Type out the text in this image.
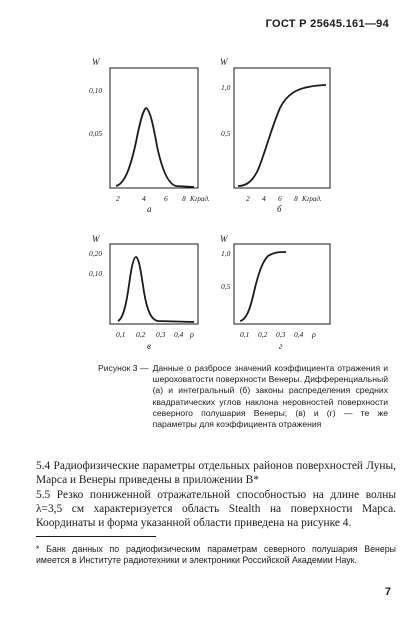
ГОСТ Р 25645.161—94
W
0,10
0,05
2	4 6 8 Кград.
а
W
1,0
0,5
2 4 6 8 Кград.
б
W
0,20
0,10
0,1 0,2 0,3 0,4 ρ
в
W
1,0
0,5
0,1 0,2 0,3 0,4 ρ
г
Рисунок 3 — Данные о разбросе значений коэффициента отражения и шероховатости поверхности Венеры. Дифференциальный (а) и интегральный (б) законы распределения средних квадратических углов наклона неровностей поверхности северного полушария Венеры; (в) и (г) — те же параметры для коэффициента отражения
5.4 Радиофизические параметры отдельных районов поверхностей Луны, Марса и Венеры приведены в приложении В*
5.5 Резко пониженной отражательной способностью на длине волны λ=3,5 см характеризуется область Stealth на поверхности Марса. Координаты и форма указанной области приведена на рисунке 4.
* Банк данных по радиофизическим параметрам северного полушария Венеры имеется в Институте радиотехники и электроники Российской Академии Наук.
7
